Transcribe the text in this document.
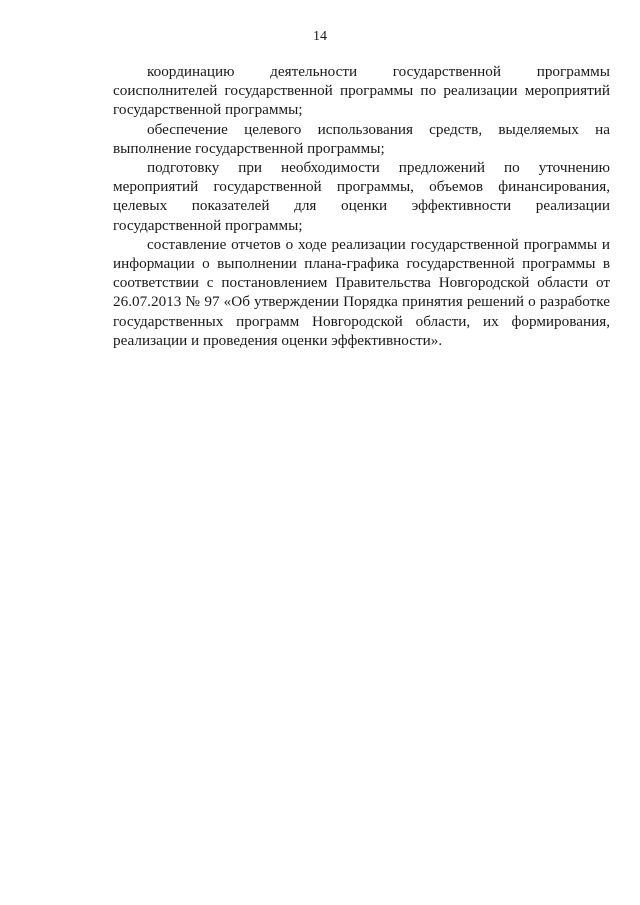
14

координацию деятельности государственной программы соисполнителей государственной программы по реализации мероприятий государственной программы;

обеспечение целевого использования средств, выделяемых на выполнение государственной программы;

подготовку при необходимости предложений по уточнению мероприятий государственной программы, объемов финансирования, целевых показателей для оценки эффективности реализации государственной программы;

составление отчетов о ходе реализации государственной программы и информации о выполнении плана-графика государственной программы в соответствии с постановлением Правительства Новгородской области от 26.07.2013 № 97 «Об утверждении Порядка принятия решений о разработке государственных программ Новгородской области, их формирования, реализации и проведения оценки эффективности».
